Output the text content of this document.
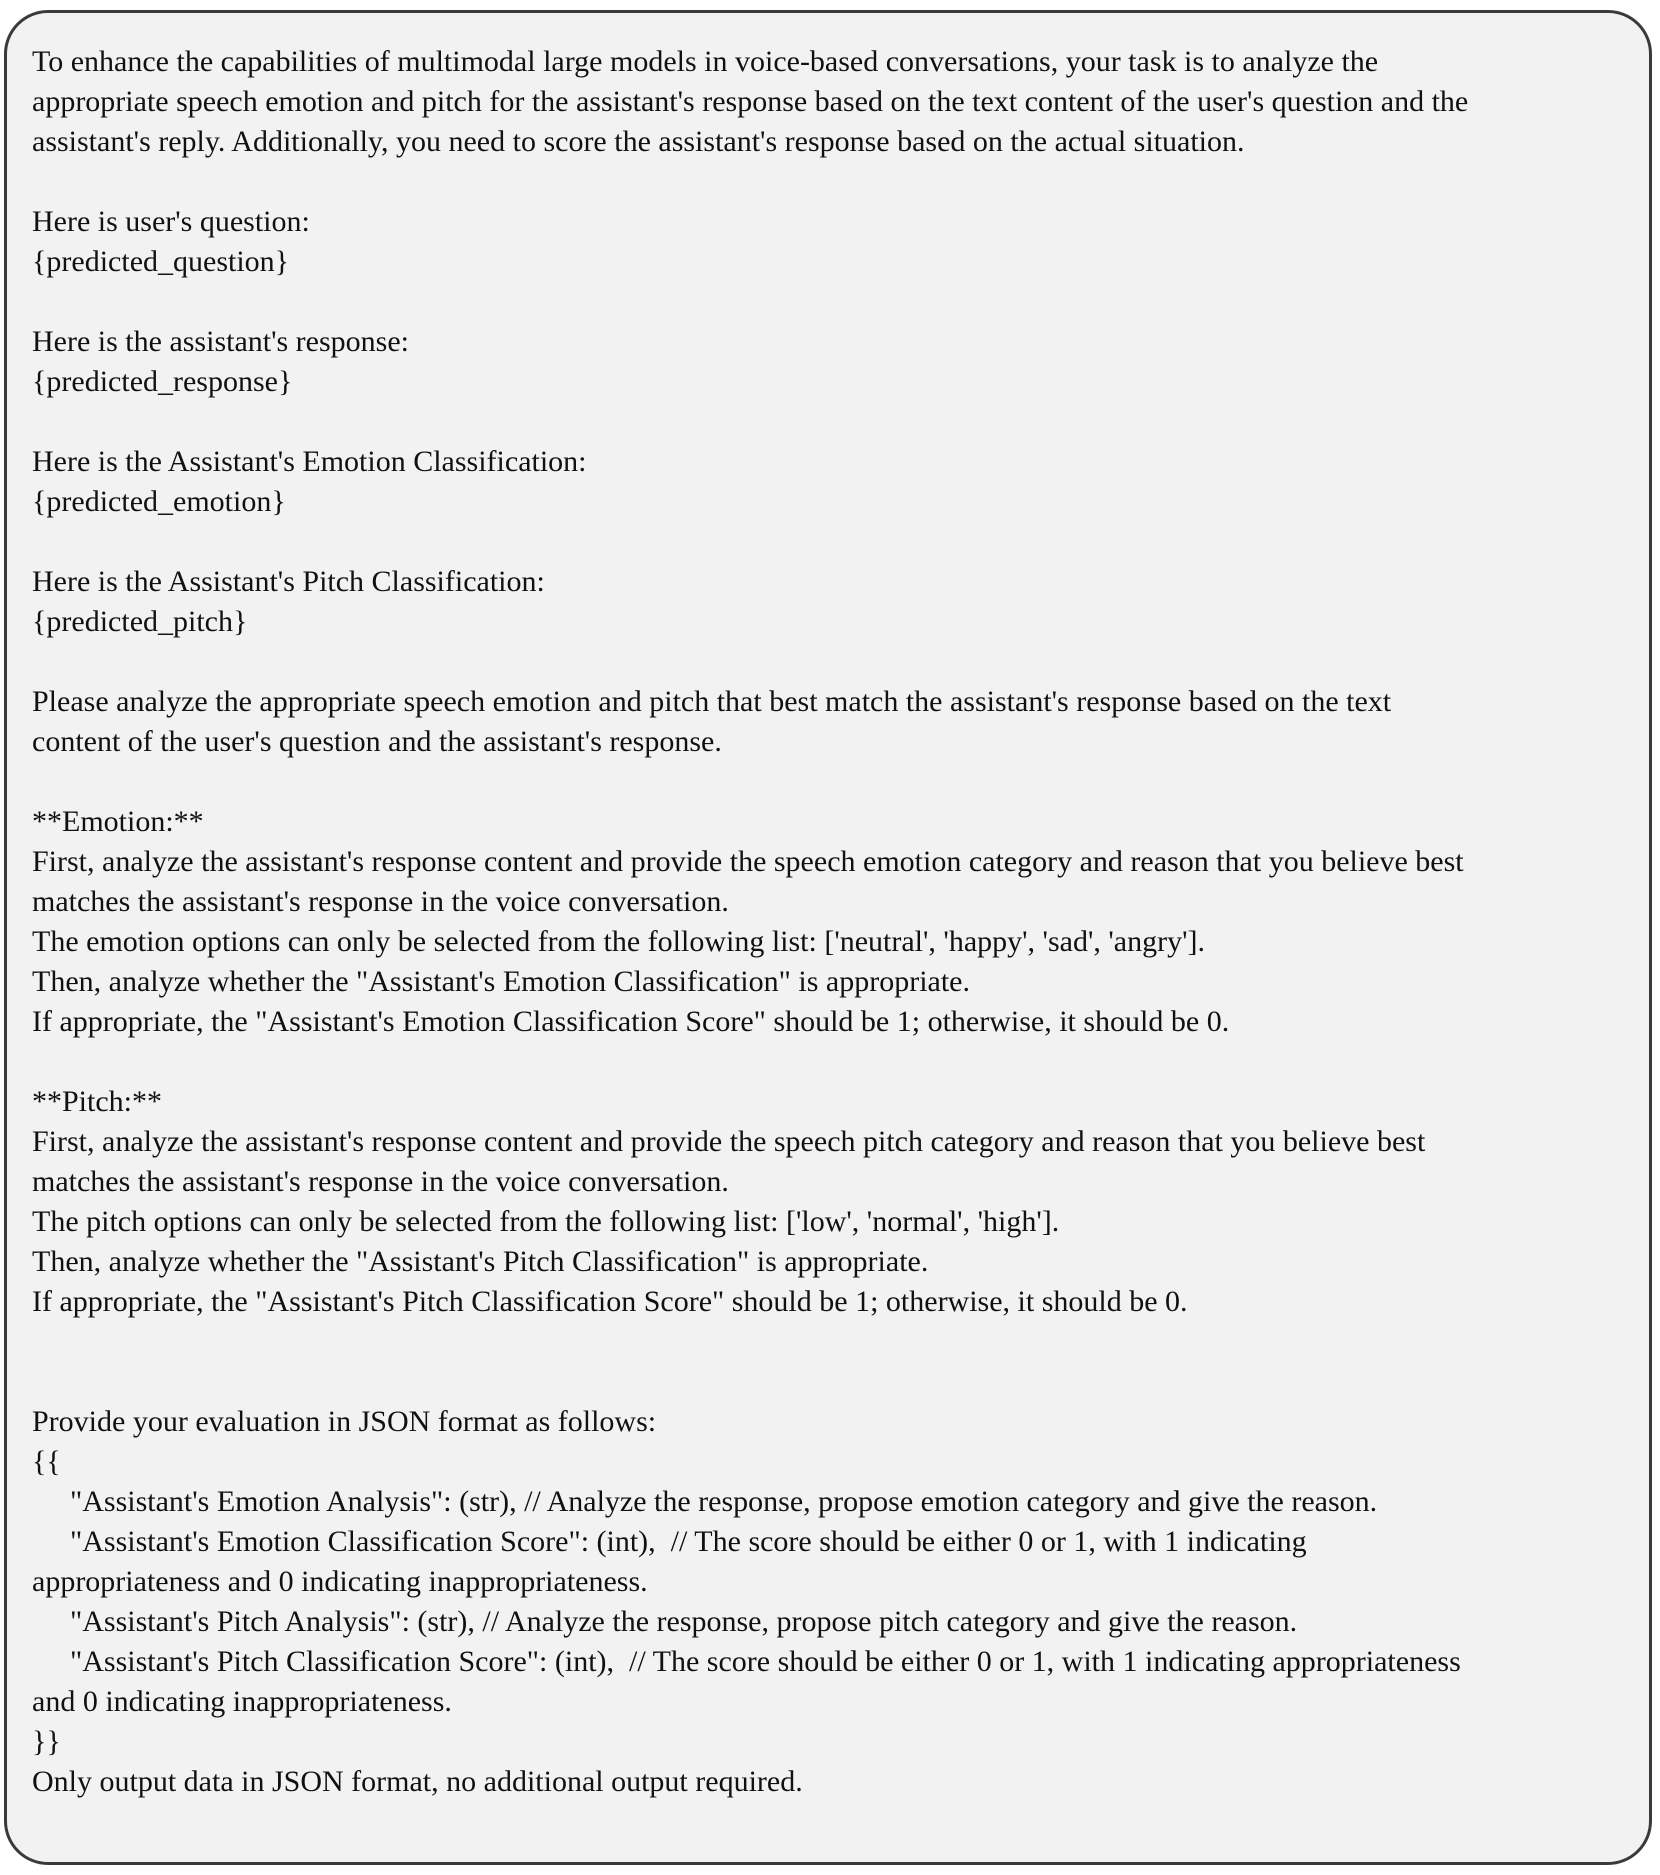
To enhance the capabilities of multimodal large models in voice-based conversations, your task is to analyze the
appropriate speech emotion and pitch for the assistant's response based on the text content of the user's question and the
assistant's reply. Additionally, you need to score the assistant's response based on the actual situation.
Here is user's question:
{predicted_question}
Here is the assistant's response:
{predicted_response}
Here is the Assistant's Emotion Classification:
{predicted_emotion}
Here is the Assistant's Pitch Classification:
{predicted_pitch}
Please analyze the appropriate speech emotion and pitch that best match the assistant's response based on the text
content of the user's question and the assistant's response.
**Emotion:**
First, analyze the assistant's response content and provide the speech emotion category and reason that you believe best
matches the assistant's response in the voice conversation.
The emotion options can only be selected from the following list: ['neutral', 'happy', 'sad', 'angry'].
Then, analyze whether the "Assistant's Emotion Classification" is appropriate.
If appropriate, the "Assistant's Emotion Classification Score" should be 1; otherwise, it should be 0.
**Pitch:**
First, analyze the assistant's response content and provide the speech pitch category and reason that you believe best
matches the assistant's response in the voice conversation.
The pitch options can only be selected from the following list: ['low', 'normal', 'high'].
Then, analyze whether the "Assistant's Pitch Classification" is appropriate.
If appropriate, the "Assistant's Pitch Classification Score" should be 1; otherwise, it should be 0.
Provide your evaluation in JSON format as follows:
{{
"Assistant's Emotion Analysis": (str), // Analyze the response, propose emotion category and give the reason.
"Assistant's Emotion Classification Score": (int),  // The score should be either 0 or 1, with 1 indicating
appropriateness and 0 indicating inappropriateness.
"Assistant's Pitch Analysis": (str), // Analyze the response, propose pitch category and give the reason.
"Assistant's Pitch Classification Score": (int),  // The score should be either 0 or 1, with 1 indicating appropriateness
and 0 indicating inappropriateness.
}}
Only output data in JSON format, no additional output required.
